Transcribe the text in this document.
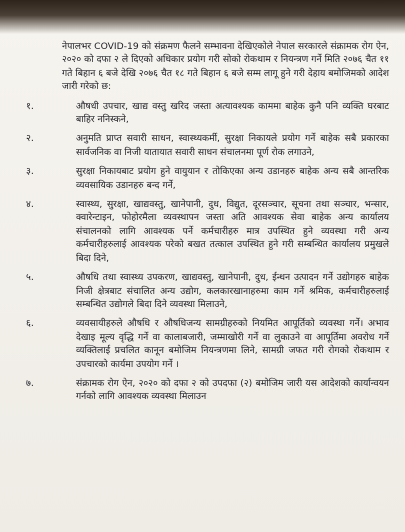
नेपालभर COVID-19 को संक्रमण फैलने सम्भावना देखिएकोले नेपाल सरकारले संक्रामक रोग ऐन, २०२० को दफा २ ले दिएको अधिकार प्रयोग गरी सोको रोकथाम र नियन्त्रण गर्ने मिति २०७६ चैत ११ गते बिहान ६ बजे देखि २०७६ चैत १८ गते बिहान ६ बजे सम्म लागू हुने गरी देहाय बमोजिमको आदेश जारी गरेको छ:
१.	औषधी उपचार, खाद्य वस्तु खरिद जस्ता अत्यावश्यक काममा बाहेक कुनै पनि व्यक्ति घरबाट बाहिर ननिस्कने,
२.	अनुमति प्राप्त सवारी साधन, स्वास्थ्यकर्मी, सुरक्षा निकायले प्रयोग गर्ने बाहेक सबै प्रकारका सार्वजनिक वा निजी यातायात सवारी साधन संचालनमा पूर्ण रोक लगाउने,
३.	सुरक्षा निकायबाट प्रयोग हुने वायुयान र तोकिएका अन्य उडानहरु बाहेक अन्य सबै आन्तरिक व्यवसायिक उडानहरु बन्द गर्ने,
४.	स्वास्थ्य, सुरक्षा, खाद्यवस्तु, खानेपानी, दुध, विद्युत, दूरसञ्चार, सूचना तथा सञ्चार, भन्सार, क्वारेन्टाइन, फोहोरमैला व्यवस्थापन जस्ता अति आवश्यक सेवा बाहेक अन्य कार्यालय संचालनको लागि आवश्यक पर्ने कर्मचारीहरु मात्र उपस्थित हुने व्यवस्था गरी अन्य कर्मचारीहरुलाई आवश्यक परेको बखत तत्काल उपस्थित हुने गरी सम्बन्धित कार्यालय प्रमुखले बिदा दिने,
५.	औषधि तथा स्वास्थ्य उपकरण, खाद्यवस्तु, खानेपानी, दुध, ईन्धन उत्पादन गर्ने उद्योगहरु बाहेक निजी क्षेत्रबाट संचालित अन्य उद्योग, कलकारखानाहरुमा काम गर्ने श्रमिक, कर्मचारीहरुलाई सम्बन्धित उद्योगले बिदा दिने व्यवस्था मिलाउने,
६.	व्यवसायीहरुले औषधि र औषधिजन्य सामग्रीहरुको नियमित आपूर्तिको व्यवस्था गर्ने। अभाव देखाइ मूल्य वृद्धि गर्ने वा कालाबजारी, जम्माखोरी गर्ने वा लुकाउने वा आपूर्तिमा अवरोध गर्ने व्यक्तिलाई प्रचलित कानून बमोजिम नियन्त्रणमा लिने, सामग्री जफत गरी रोगको रोकथाम र उपचारको कार्यमा उपयोग गर्ने ।
७.	संक्रामक रोग ऐन, २०२० को दफा २ को उपदफा (२) बमोजिम जारी यस आदेशको कार्यान्वयन गर्नको लागि आवश्यक व्यवस्था मिलाउन
